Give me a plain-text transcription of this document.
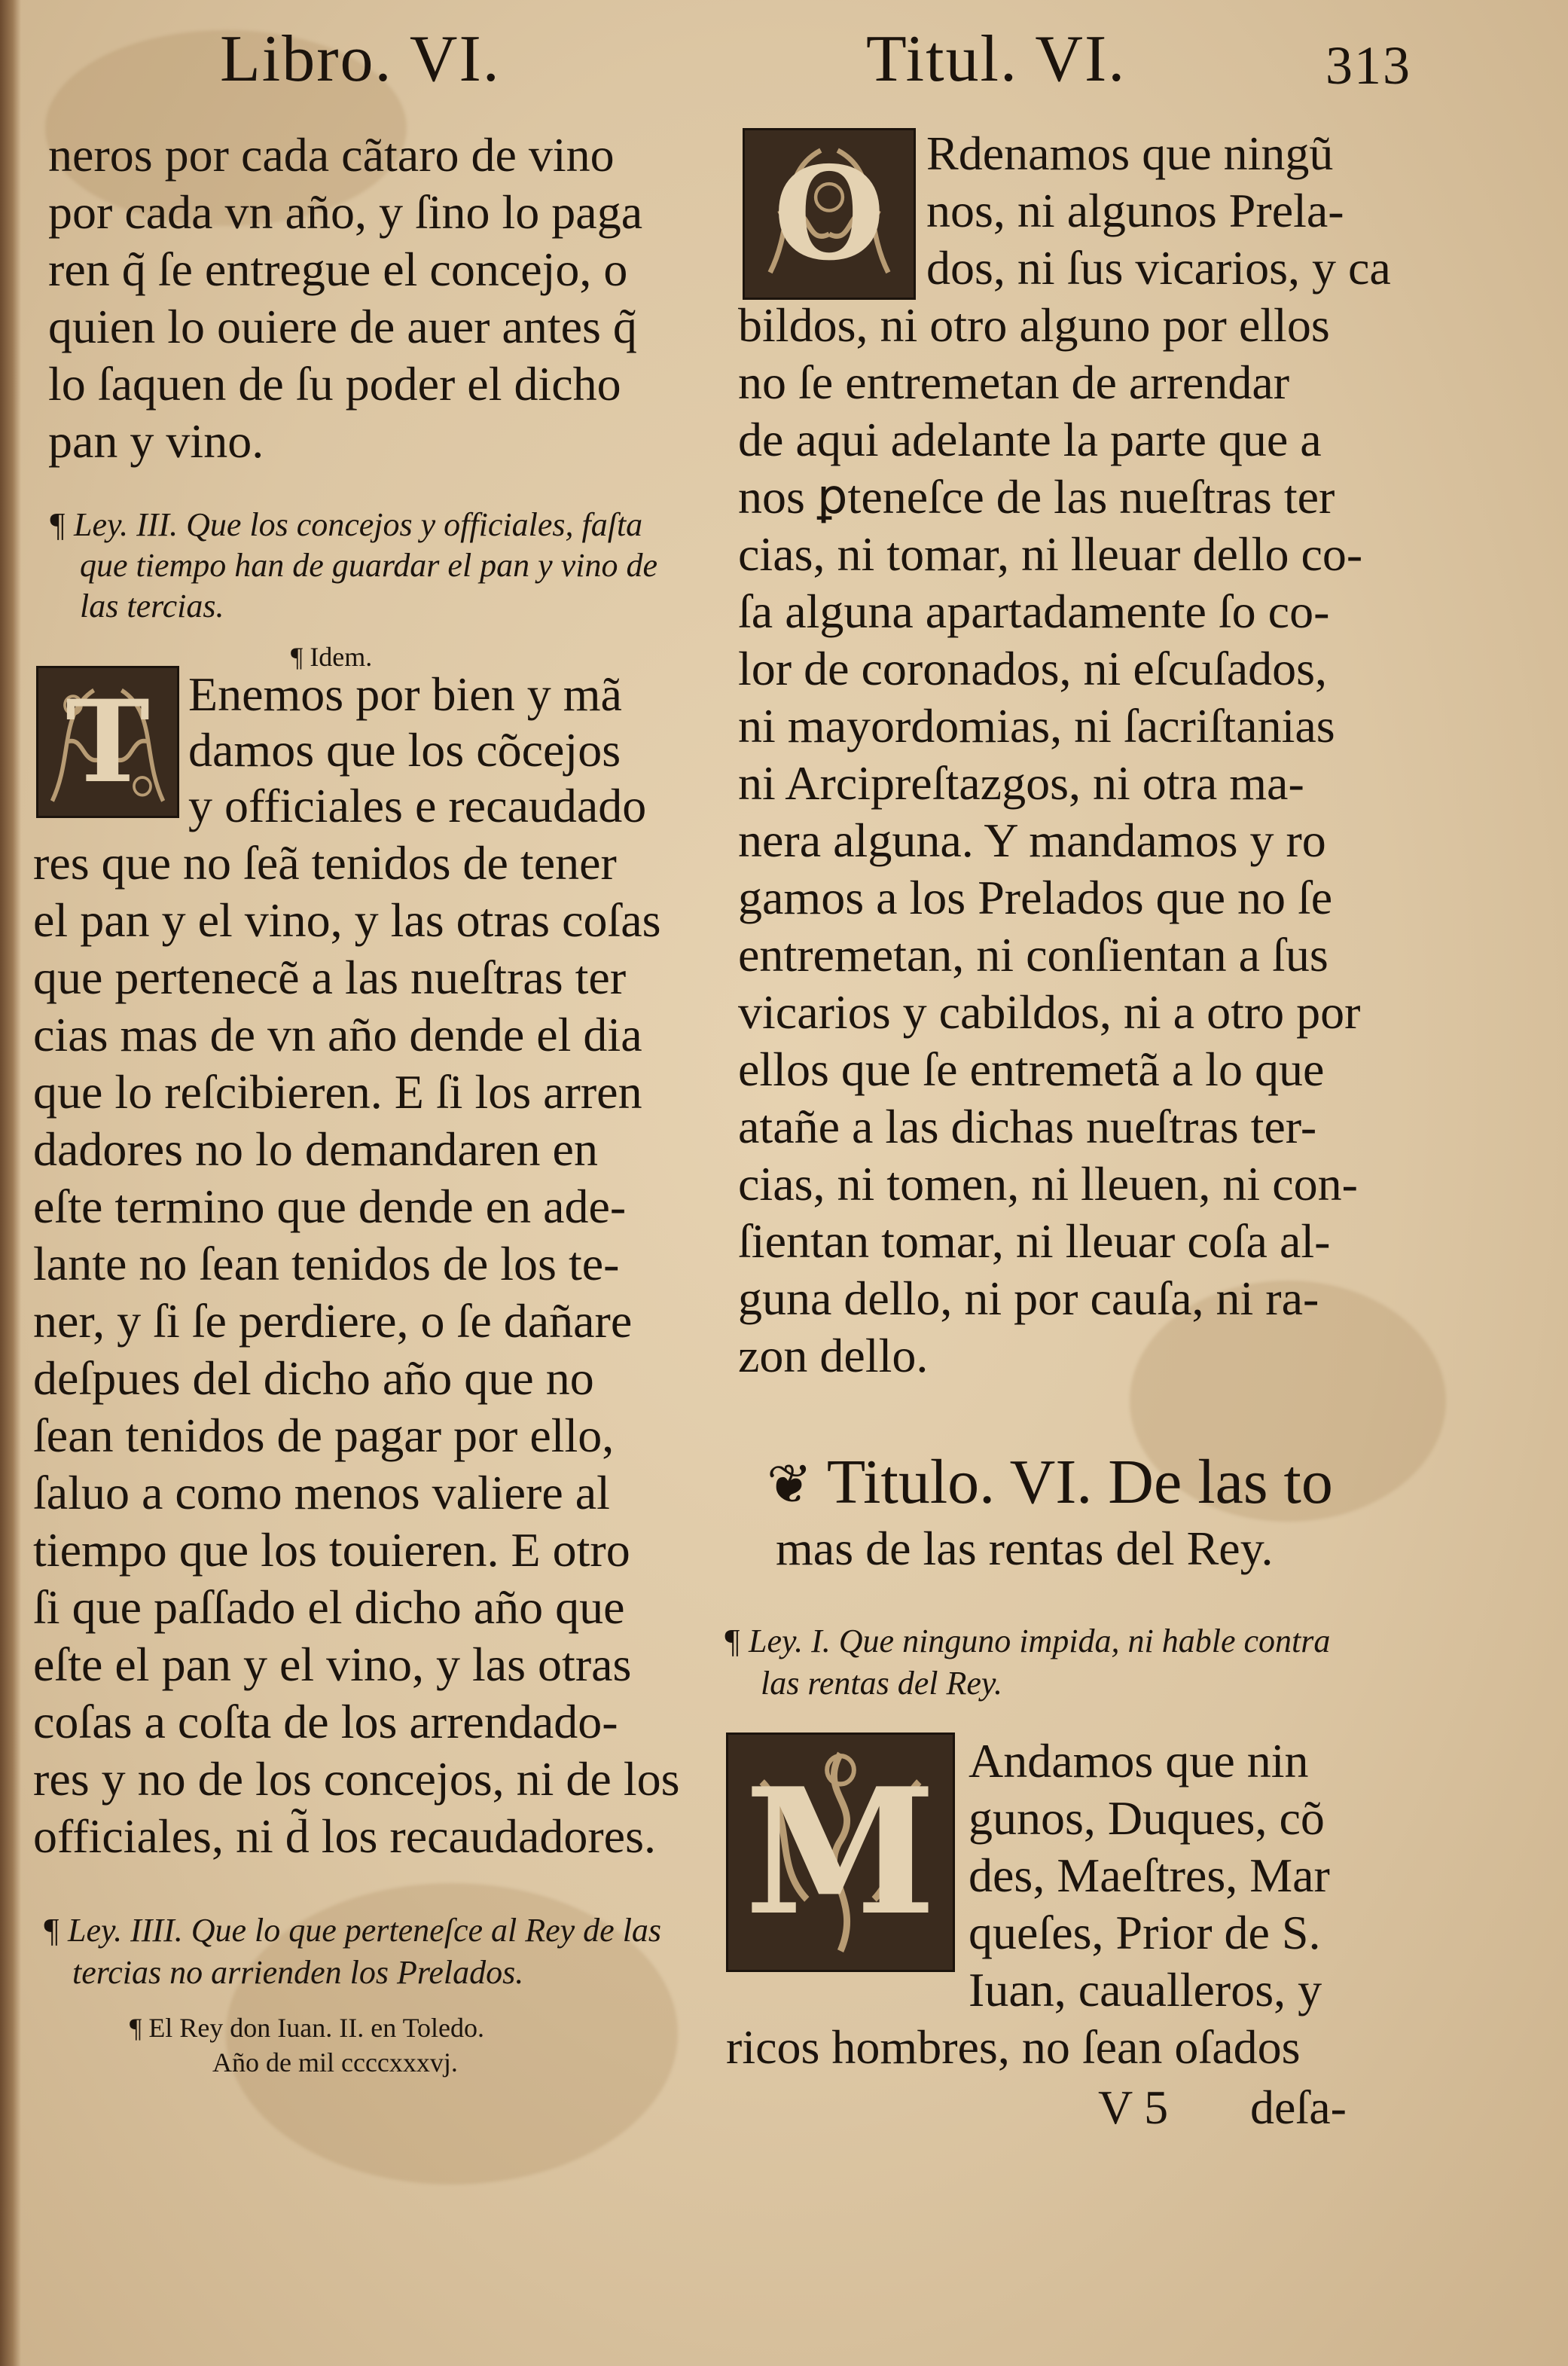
Libro. VI.	Titul. VI.	313
neros por cada cãtaro de vino
por cada vn año, y ſino lo paga
ren q̃ ſe entregue el concejo, o
quien lo ouiere de auer antes q̃
lo ſaquen de ſu poder el dicho
pan y vino.
¶ Ley. III. Que los concejos y officiales, faſta
que tiempo han de guardar el pan y vino de
las tercias.
¶ Idem.
T Enemos por bien y mã
damos que los cõcejos
y officiales e recaudado
res que no ſeã tenidos de tener
el pan y el vino, y las otras coſas
que pertenecẽ a las nueſtras ter
cias mas de vn año dende el dia
que lo reſcibieren. E ſi los arren
dadores no lo demandaren en
eſte termino que dende en ade-
lante no ſean tenidos de los te-
ner, y ſi ſe perdiere, o ſe dañare
deſpues del dicho año que no
ſean tenidos de pagar por ello,
ſaluo a como menos valiere al
tiempo que los touieren. E otro
ſi que paſſado el dicho año que
eſte el pan y el vino, y las otras
coſas a coſta de los arrendado-
res y no de los concejos, ni de los
officiales, ni d̃ los recaudadores.
¶ Ley. IIII. Que lo que perteneſce al Rey de las
tercias no arrienden los Prelados.
¶ El Rey don Iuan. II. en Toledo.
Año de mil ccccxxxvj.
O Rdenamos que ningũ
nos, ni algunos Prela-
dos, ni ſus vicarios, y ca
bildos, ni otro alguno por ellos
no ſe entremetan de arrendar
de aqui adelante la parte que a
nos ꝑteneſce de las nueſtras ter
cias, ni tomar, ni lleuar dello co-
ſa alguna apartadamente ſo co-
lor de coronados, ni eſcuſados,
ni mayordomias, ni ſacriſtanias
ni Arcipreſtazgos, ni otra ma-
nera alguna. Y mandamos y ro
gamos a los Prelados que no ſe
entremetan, ni conſientan a ſus
vicarios y cabildos, ni a otro por
ellos que ſe entremetã a lo que
atañe a las dichas nueſtras ter-
cias, ni tomen, ni lleuen, ni con-
ſientan tomar, ni lleuar coſa al-
guna dello, ni por cauſa, ni ra-
zon dello.
❦ Titulo. VI. De las to
mas de las rentas del Rey.
¶ Ley. I. Que ninguno impida, ni hable contra
las rentas del Rey.
M Andamos que nin
gunos, Duques, cõ
des, Maeſtres, Mar
queſes, Prior de S.
Iuan, caualleros, y
ricos hombres, no ſean oſados
V 5 deſa-
